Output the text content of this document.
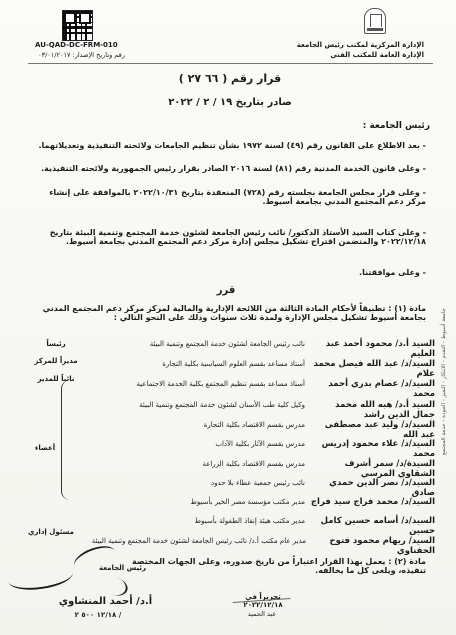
AU-QAD-DC-FRM-010
رقم وتاريخ الإصدار: ٠٣/٠١/٢٠١٧
الإدارة المركزية لمكتب رئيس الجامعة
الإدارة العامة للمكتب الفني
قرار رقم ( ٦٦ ٢٧ )
صادر بتاريخ ١٩ / ٢ / ٢٠٢٢
رئيس الجامعة :
- بعد الاطلاع على القانون رقم (٤٩) لسنة ١٩٧٢ بشأن تنظيم الجامعات ولائحته التنفيذية وتعديلاتهما.
- وعلى قانون الخدمة المدنية رقم (٨١) لسنة ٢٠١٦ الصادر بقرار رئيس الجمهورية ولائحته التنفيذية.
- وعلى قرار مجلس الجامعة بجلسته رقم (٧٢٨) المنعقدة بتاريخ ٢٠٢٢/١٠/٣١ بالموافقة على إنشاء مركز دعم المجتمع المدني بجامعة أسيوط.
- وعلى كتاب السيد الأستاذ الدكتور/ نائب رئيس الجامعة لشئون خدمة المجتمع وتنمية البيئة بتاريخ ٢٠٢٢/١٢/١٨ والمتضمن اقتراح تشكيل مجلس إدارة مركز دعم المجتمع المدني بجامعة أسيوط.
- وعلى موافقتنا.
قرر
مادة (١) : تطبيقاً لأحكام المادة الثالثة من اللائحة الإدارية والمالية لمركز مركز دعم المجتمع المدني بجامعة أسيوط تشكيل مجلس الإدارة ولمدة ثلاث سنوات وذلك على النحو التالي :
السيد أ.د/ محمود أحمد عبد العليم
نائب رئيس الجامعة لشئون خدمة المجتمع وتنمية البيئة
رئيساً
السيد/د/ عبد الله فيصل محمد علام
أستاذ مساعد بقسم العلوم السياسية بكلية التجارة
مديراً للمركز
السيد/د/ عصام بدري أحمد محمد
أستاذ مساعد بقسم تنظيم المجتمع بكلية الخدمة الاجتماعية
نائباً للمدير
السيد أ.د/ هبه الله محمد جمال الدين راشد
وكيل كلية طب الأسنان لشئون خدمة المجتمع وتنمية البيئة
السيد/د/ وليد عبد مصطفى عبد الله
مدرس بقسم الاقتصاد بكلية التجارة
السيد/د/ علاء محمود إدريس محمد
مدرس بقسم الآثار بكلية الآداب
السيدة/د/ سمر أشرف الشقاوي المرسي
مدرس بقسم الاقتصاد بكلية الزراعة
أعضاء
السيد/د/ نصر الدين حمدي صادق
نائب رئيس جمعية عطاء بلا حدود
السيد/د/ محمد فراج سيد فراج
مدير مكتب مؤسسة مصر الخير بأسيوط
السيد/د/ أسامه حسين كامل حسين
مدير مكتب هيئة إنقاذ الطفولة بأسيوط
السيد/ ريهام محمود فتوح الحفناوي
مدير عام مكتب أ.د/ نائب رئيس الجامعة لشئون خدمة المجتمع وتنمية البيئة
مسئول إداري
مادة (٢) : يعمل بهذا القرار اعتباراً من تاريخ صدوره، وعلى الجهات المختصة تنفيذه، ويلغى كل ما يخالفه.
رئيس الجامعة
أ.د/ أحمد المنشاوي
١٢/١٨ ٥٠٠ ٢ /
تحريراً في ٢٠٢٢/١٢/١٨
عبد الحميد
جامعة أسيوط - التقدم - الابتكار - التميز - الجودة - خدمة المجتمع
